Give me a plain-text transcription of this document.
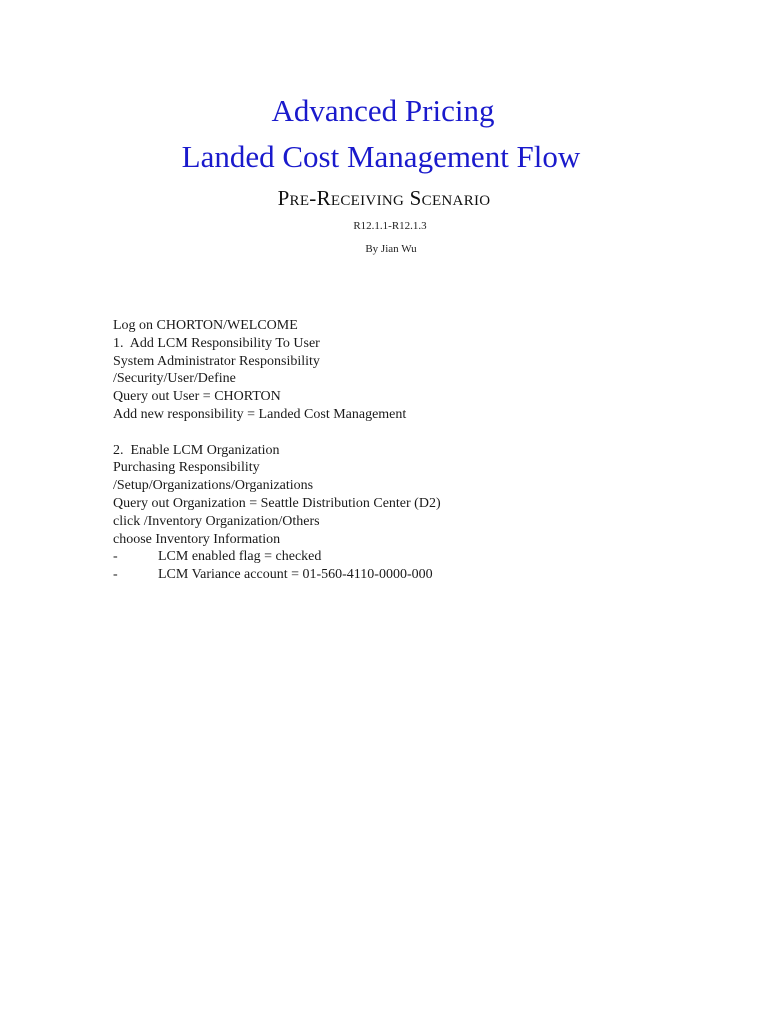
Advanced Pricing
Landed Cost Management Flow
Pre-Receiving Scenario
R12.1.1-R12.1.3
By Jian Wu
Log on CHORTON/WELCOME
1.  Add LCM Responsibility To User
System Administrator Responsibility
/Security/User/Define
Query out User = CHORTON
Add new responsibility = Landed Cost Management
2.  Enable LCM Organization
Purchasing Responsibility
/Setup/Organizations/Organizations
Query out Organization = Seattle Distribution Center (D2)
click /Inventory Organization/Others
choose Inventory Information
-	LCM enabled flag = checked
-	LCM Variance account = 01-560-4110-0000-000
